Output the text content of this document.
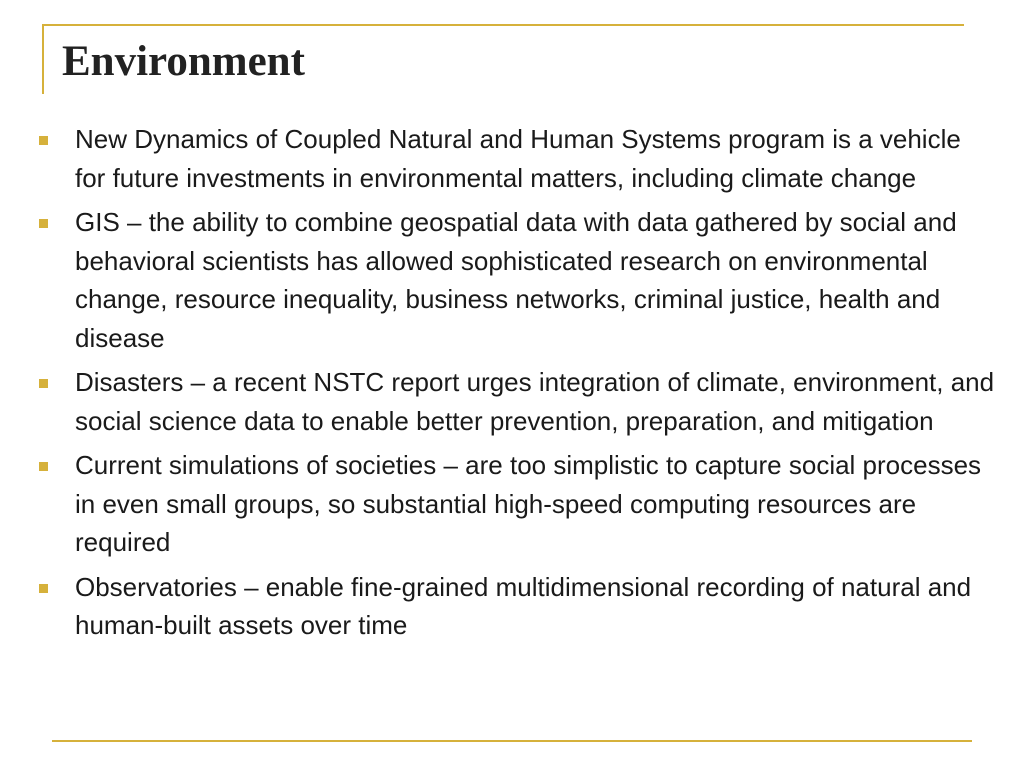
Environment
New Dynamics of Coupled Natural and Human Systems program is a vehicle for future investments in environmental matters, including climate change
GIS – the ability to combine geospatial data with data gathered by social and behavioral scientists has allowed sophisticated research on environmental change, resource inequality, business networks, criminal justice, health and disease
Disasters – a recent NSTC report urges integration of climate, environment, and social science data to enable better prevention, preparation, and mitigation
Current simulations of societies – are too simplistic to capture social processes in even small groups, so substantial high-speed computing resources are required
Observatories – enable fine-grained multidimensional recording of natural and human-built assets over time
